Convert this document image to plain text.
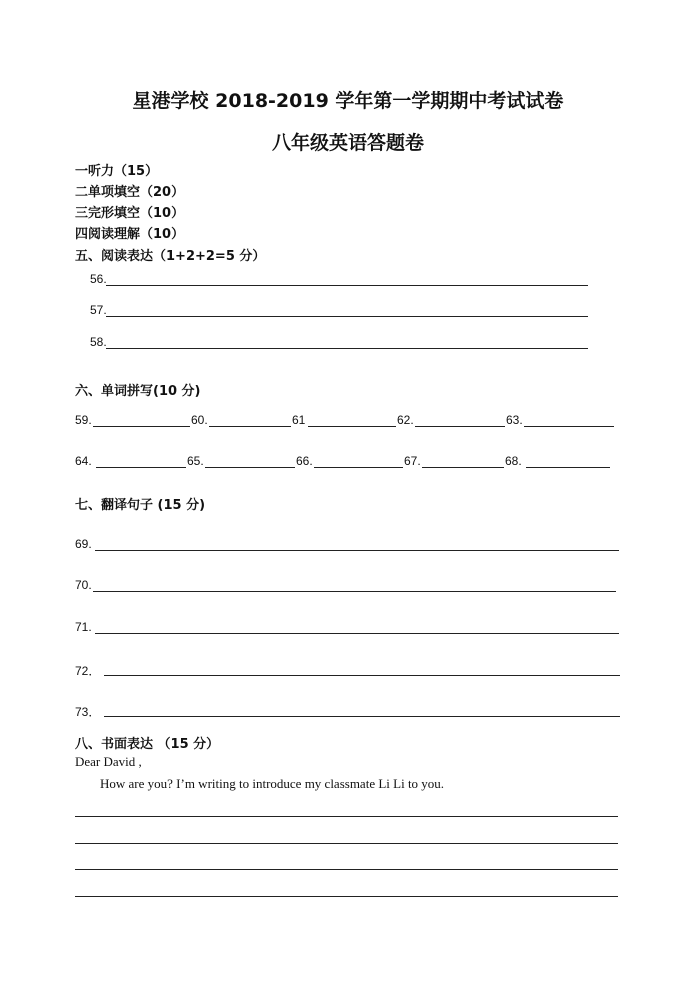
星港学校 2018-2019 学年第一学期期中考试试卷
八年级英语答题卷
一听力（15）
二单项填空（20）
三完形填空（10）
四阅读理解（10）
五、阅读表达（1+2+2=5 分）
56.
57.
58.
六、单词拼写(10 分)
59.	60.	61	62.	63.
64.	65.	66.	67.	68.
七、翻译句子 (15 分)
69.
70.
71.
72．
73．
八、书面表达 （15 分）
Dear David ,
How are you? I’m writing to introduce my classmate Li Li to you.
